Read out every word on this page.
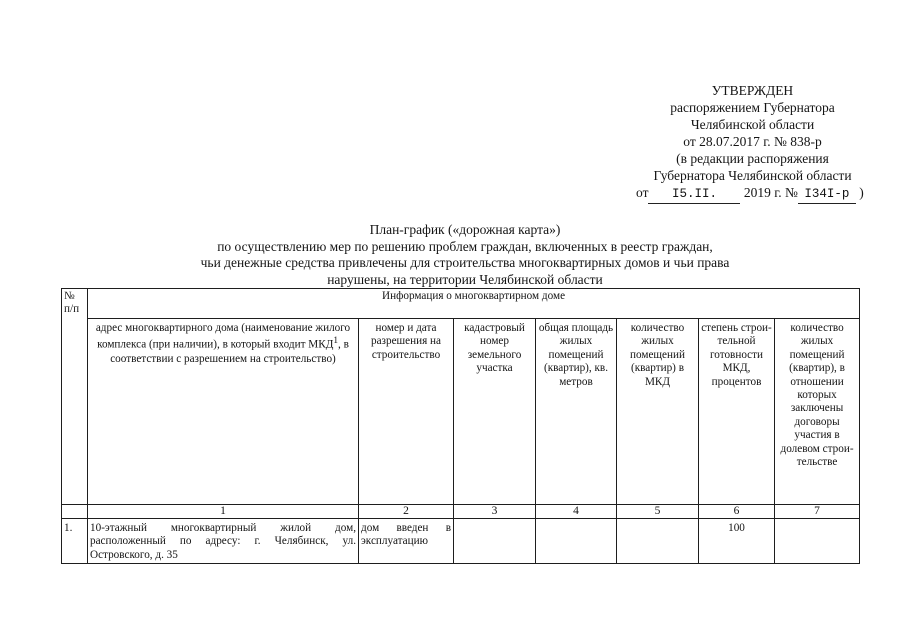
УТВЕРЖДЕН
распоряжением Губернатора
Челябинской области
от 28.07.2017 г. № 838-р
(в редакции распоряжения
Губернатора Челябинской области
от I5.II. 2019 г. № I34I-р )
План-график («дорожная карта»)
по осуществлению мер по решению проблем граждан, включенных в реестр граждан,
чьи денежные средства привлечены для строительства многоквартирных домов и чьи права
нарушены, на территории Челябинской области
№ п/п	Информация о многоквартирном доме						
	адрес многоквартирного дома (наименование жилого комплекса (при наличии), в который входит МКД$^1$, в соответствии с разрешением на строительство)	номер и дата разрешения на строительство	кадастровый номер земельного участка	общая площадь жилых помещений (квартир), кв. метров	количество жилых помещений (квартир) в МКД	степень строи-тельной готовности МКД, процентов	количество жилых помещений (квартир), в отношении которых заключены договоры участия в долевом строи-тельстве
	1	2	3	4	5	6	7
1.	10-этажный многоквартирный жилой дом, расположенный по адресу: г. Челябинск, ул. Островского, д. 35	дом введен в эксплуатацию				100	
